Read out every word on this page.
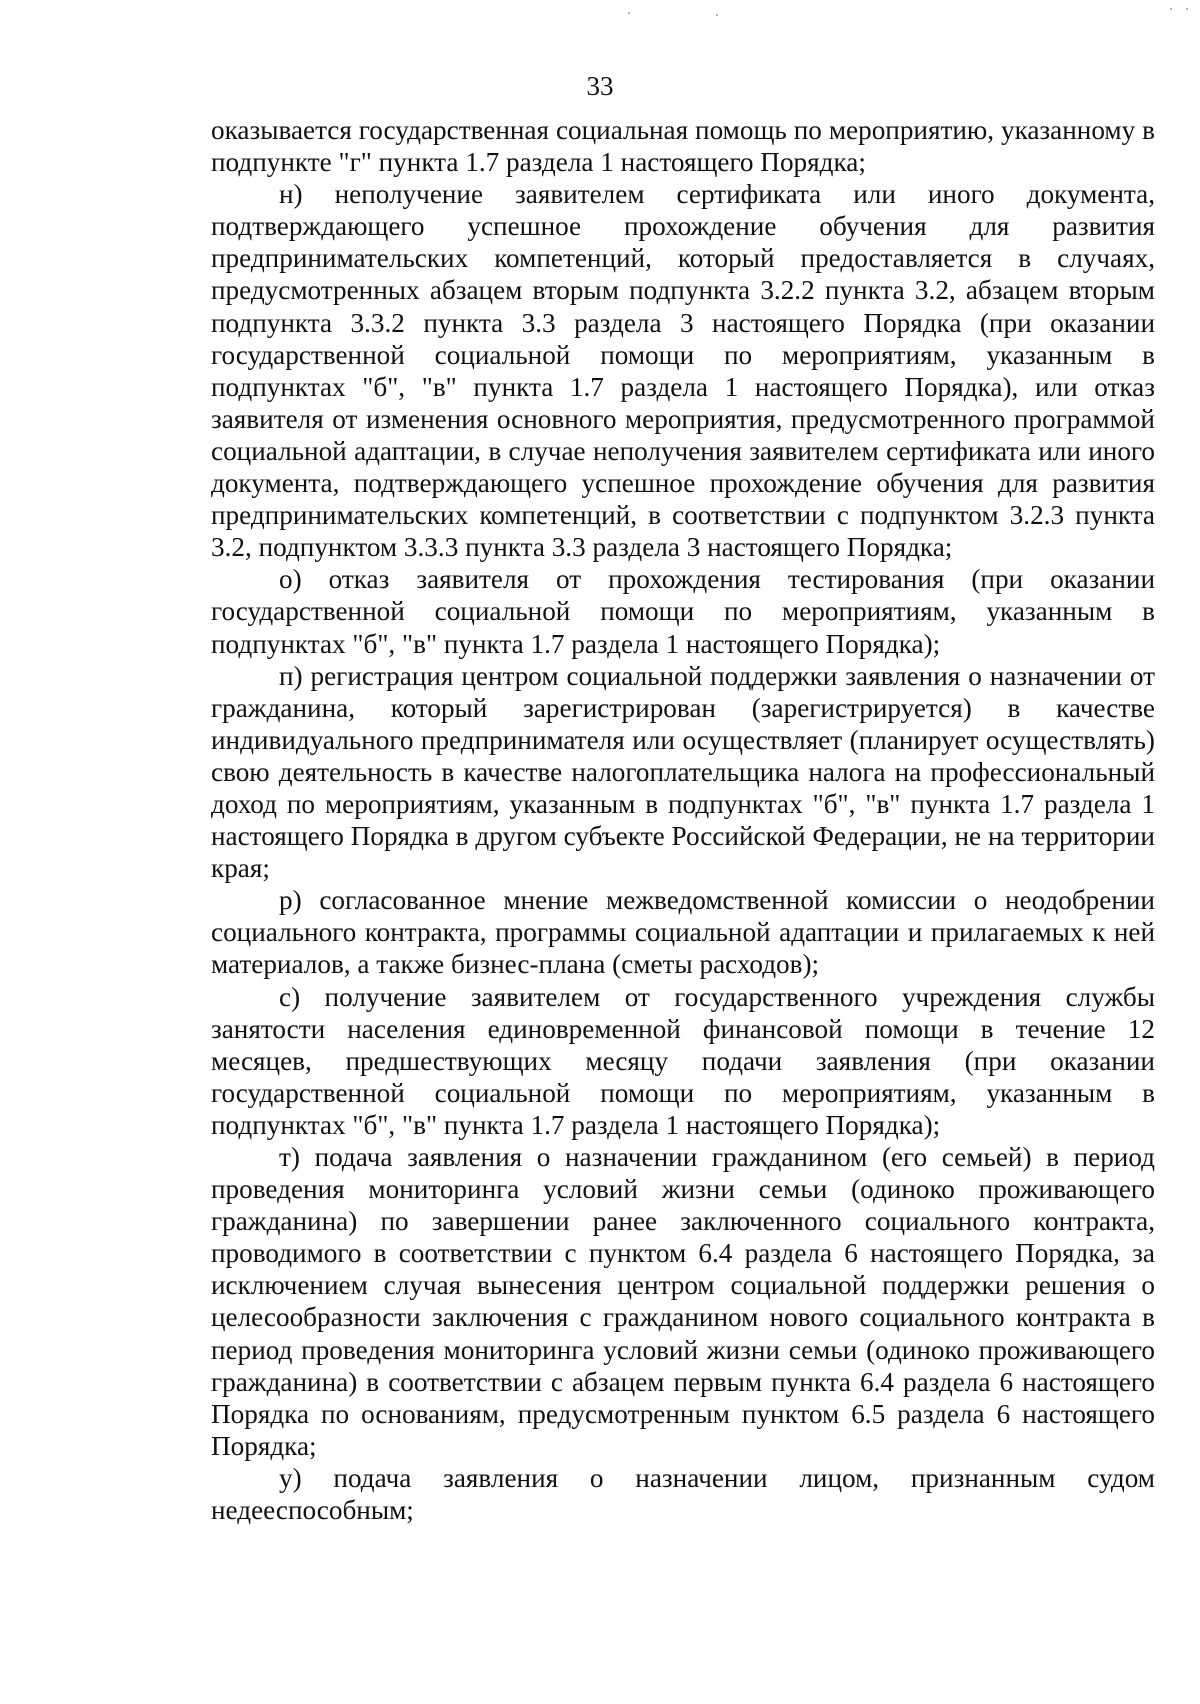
33

оказывается государственная социальная помощь по мероприятию, указанному в подпункте "г" пункта 1.7 раздела 1 настоящего Порядка;

н) неполучение заявителем сертификата или иного документа, подтверждающего успешное прохождение обучения для развития предпринимательских компетенций, который предоставляется в случаях, предусмотренных абзацем вторым подпункта 3.2.2 пункта 3.2, абзацем вторым подпункта 3.3.2 пункта 3.3 раздела 3 настоящего Порядка (при оказании государственной социальной помощи по мероприятиям, указанным в подпунктах "б", "в" пункта 1.7 раздела 1 настоящего Порядка), или отказ заявителя от изменения основного мероприятия, предусмотренного программой социальной адаптации, в случае неполучения заявителем сертификата или иного документа, подтверждающего успешное прохождение обучения для развития предпринимательских компетенций, в соответствии с подпунктом 3.2.3 пункта 3.2, подпунктом 3.3.3 пункта 3.3 раздела 3 настоящего Порядка;

о) отказ заявителя от прохождения тестирования (при оказании государственной социальной помощи по мероприятиям, указанным в подпунктах "б", "в" пункта 1.7 раздела 1 настоящего Порядка);

п) регистрация центром социальной поддержки заявления о назначении от гражданина, который зарегистрирован (зарегистрируется) в качестве индивидуального предпринимателя или осуществляет (планирует осуществлять) свою деятельность в качестве налогоплательщика налога на профессиональный доход по мероприятиям, указанным в подпунктах "б", "в" пункта 1.7 раздела 1 настоящего Порядка в другом субъекте Российской Федерации, не на территории края;

р) согласованное мнение межведомственной комиссии о неодобрении социального контракта, программы социальной адаптации и прилагаемых к ней материалов, а также бизнес-плана (сметы расходов);

с) получение заявителем от государственного учреждения службы занятости населения единовременной финансовой помощи в течение 12 месяцев, предшествующих месяцу подачи заявления (при оказании государственной социальной помощи по мероприятиям, указанным в подпунктах "б", "в" пункта 1.7 раздела 1 настоящего Порядка);

т) подача заявления о назначении гражданином (его семьей) в период проведения мониторинга условий жизни семьи (одиноко проживающего гражданина) по завершении ранее заключенного социального контракта, проводимого в соответствии с пунктом 6.4 раздела 6 настоящего Порядка, за исключением случая вынесения центром социальной поддержки решения о целесообразности заключения с гражданином нового социального контракта в период проведения мониторинга условий жизни семьи (одиноко проживающего гражданина) в соответствии с абзацем первым пункта 6.4 раздела 6 настоящего Порядка по основаниям, предусмотренным пунктом 6.5 раздела 6 настоящего Порядка;

у) подача заявления о назначении лицом, признанным судом недееспособным;
